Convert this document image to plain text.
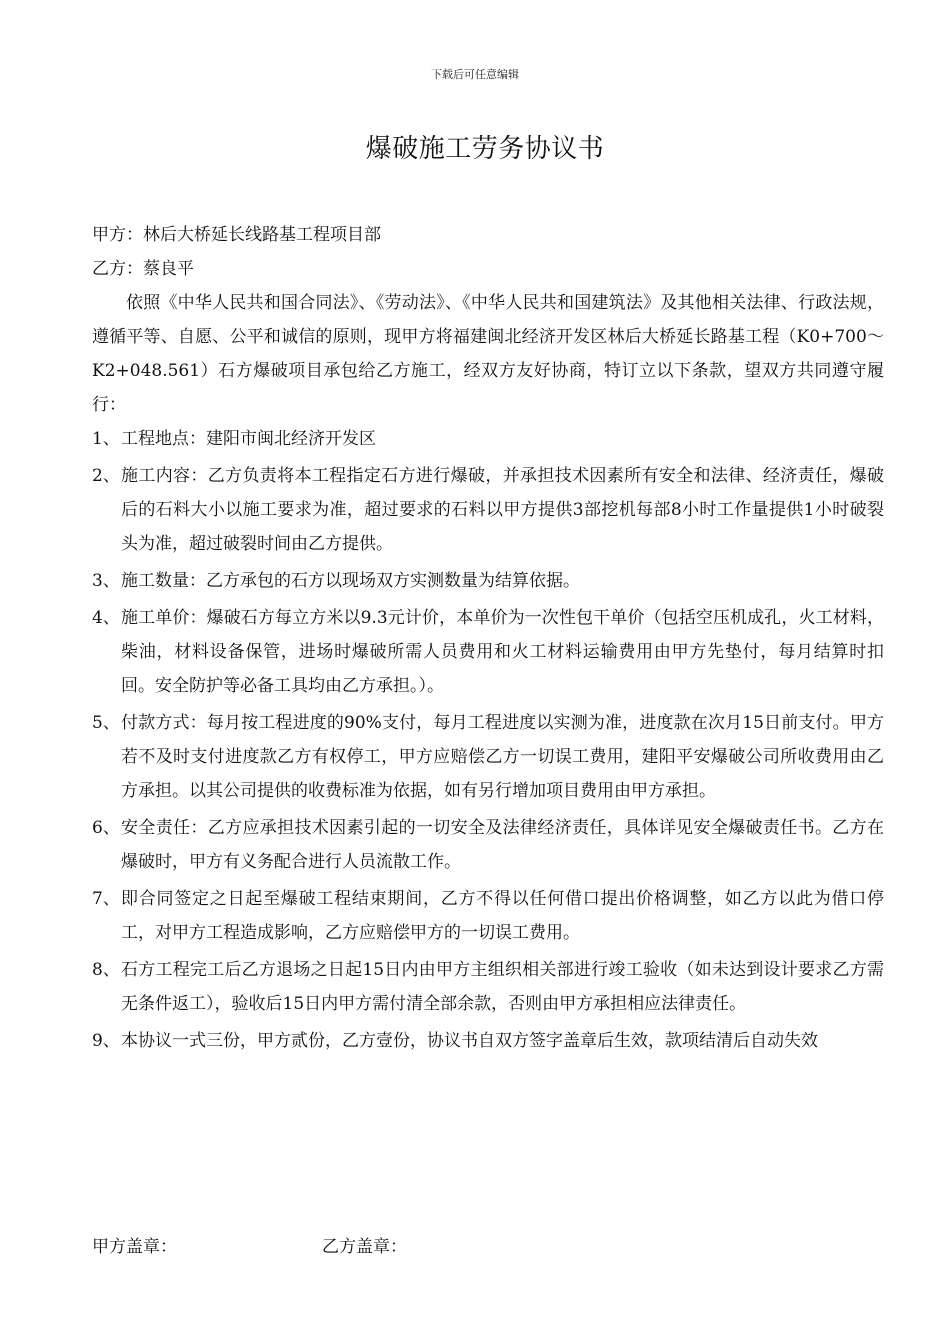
下载后可任意编辑
爆破施工劳务协议书

甲方：林后大桥延长线路基工程项目部

乙方：蔡良平

依照《中华人民共和国合同法》、《劳动法》、《中华人民共和国建筑法》及其他相关法律、行政法规，遵循平等、自愿、公平和诚信的原则，现甲方将福建闽北经济开发区林后大桥延长路基工程（K0+700～K2+048.561）石方爆破项目承包给乙方施工，经双方友好协商，特订立以下条款，望双方共同遵守履行：

1、 工程地点：建阳市闽北经济开发区
2、 施工内容：乙方负责将本工程指定石方进行爆破，并承担技术因素所有安全和法律、经济责任，爆破后的石料大小以施工要求为准，超过要求的石料以甲方提供3部挖机每部8小时工作量提供1小时破裂头为准，超过破裂时间由乙方提供。
3、 施工数量：乙方承包的石方以现场双方实测数量为结算依据。
4、 施工单价：爆破石方每立方米以9.3元计价，本单价为一次性包干单价（包括空压机成孔，火工材料，柴油，材料设备保管，进场时爆破所需人员费用和火工材料运输费用由甲方先垫付，每月结算时扣回。安全防护等必备工具均由乙方承担。）。
5、 付款方式：每月按工程进度的90%支付，每月工程进度以实测为准，进度款在次月15日前支付。甲方若不及时支付进度款乙方有权停工，甲方应赔偿乙方一切误工费用，建阳平安爆破公司所收费用由乙方承担。以其公司提供的收费标准为依据，如有另行增加项目费用由甲方承担。
6、 安全责任：乙方应承担技术因素引起的一切安全及法律经济责任，具体详见安全爆破责任书。乙方在爆破时，甲方有义务配合进行人员流散工作。
7、 即合同签定之日起至爆破工程结束期间，乙方不得以任何借口提出价格调整，如乙方以此为借口停工，对甲方工程造成影响，乙方应赔偿甲方的一切误工费用。
8、 石方工程完工后乙方退场之日起15日内由甲方主组织相关部进行竣工验收（如未达到设计要求乙方需无条件返工），验收后15日内甲方需付清全部余款，否则由甲方承担相应法律责任。
9、 本协议一式三份，甲方贰份，乙方壹份，协议书自双方签字盖章后生效，款项结清后自动失效
甲方盖章：	乙方盖章：
